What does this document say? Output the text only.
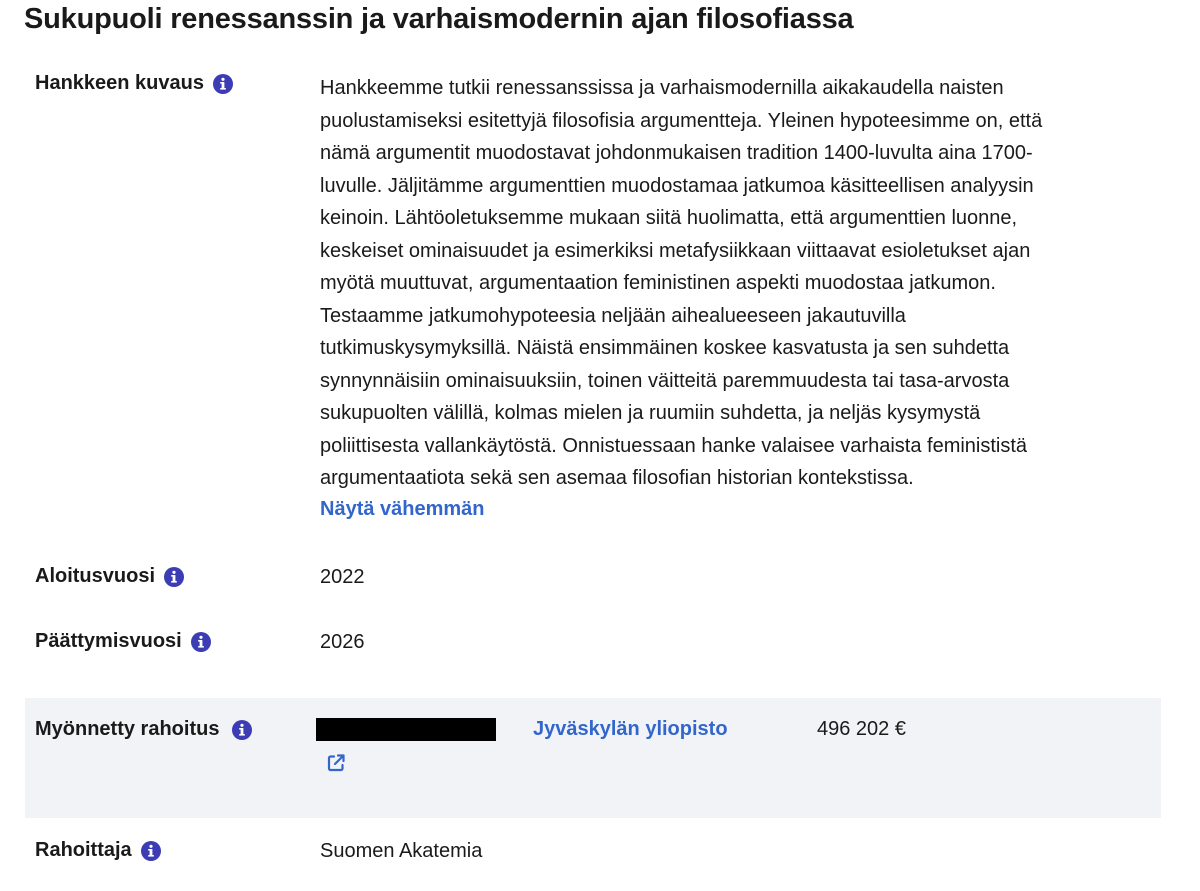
Sukupuoli renessanssin ja varhaismodernin ajan filosofiassa
Hankkeen kuvaus	Hankkeemme tutkii renessanssissa ja varhaismodernilla aikakaudella naisten
puolustamiseksi esitettyjä filosofisia argumentteja. Yleinen hypoteesimme on, että
nämä argumentit muodostavat johdonmukaisen tradition 1400-luvulta aina 1700-
luvulle. Jäljitämme argumenttien muodostamaa jatkumoa käsitteellisen analyysin
keinoin. Lähtöoletuksemme mukaan siitä huolimatta, että argumenttien luonne,
keskeiset ominaisuudet ja esimerkiksi metafysiikkaan viittaavat esioletukset ajan
myötä muuttuvat, argumentaation feministinen aspekti muodostaa jatkumon.
Testaamme jatkumohypoteesia neljään aihealueeseen jakautuvilla
tutkimuskysymyksillä. Näistä ensimmäinen koskee kasvatusta ja sen suhdetta
synnynnäisiin ominaisuuksiin, toinen väitteitä paremmuudesta tai tasa-arvosta
sukupuolten välillä, kolmas mielen ja ruumiin suhdetta, ja neljäs kysymystä
poliittisesta vallankäytöstä. Onnistuessaan hanke valaisee varhaista feminististä
argumentaatiota sekä sen asemaa filosofian historian kontekstissa.
Näytä vähemmän
Aloitusvuosi	2022
Päättymisvuosi	2026
Myönnetty rahoitus	Jyväskylän yliopisto	496 202 €
Rahoittaja	Suomen Akatemia
